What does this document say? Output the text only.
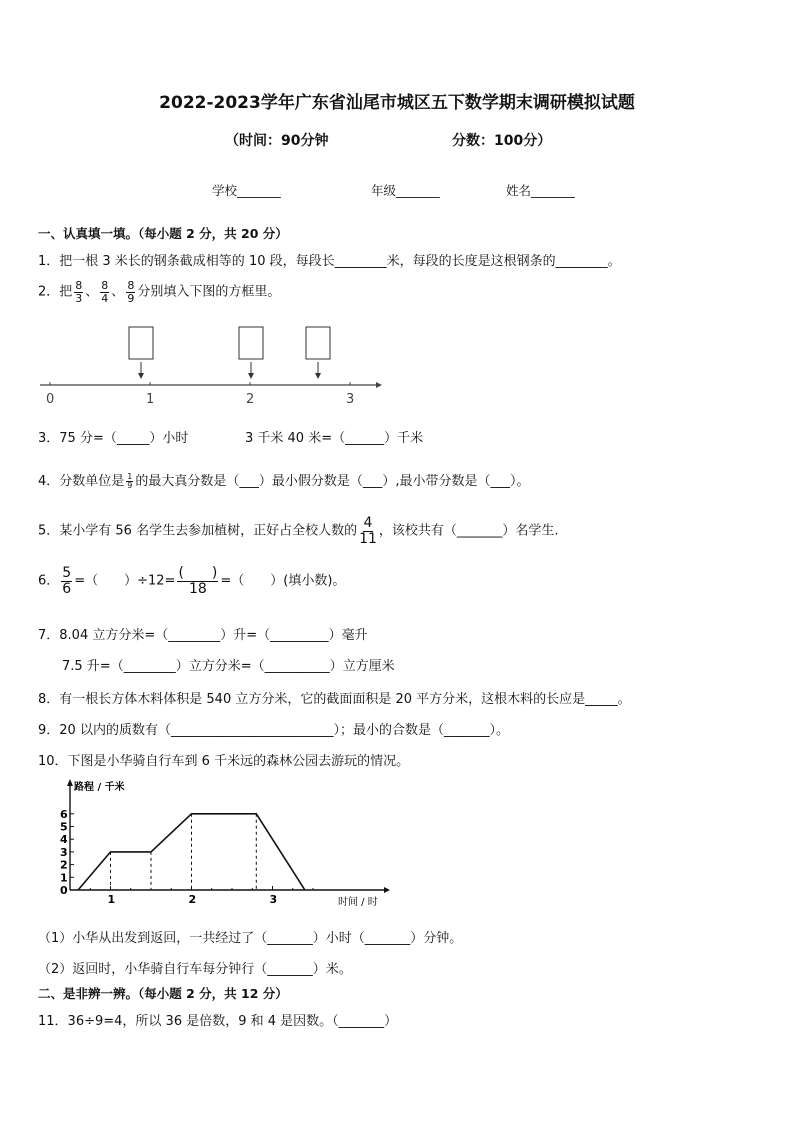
2022-2023学年广东省汕尾市城区五下数学期末调研模拟试题
（时间：90分钟	分数：100分）
学校_______	年级_______	姓名_______
一、认真填一填。（每小题 2 分，共 20 分）
1．把一根 3 米长的钢条截成相等的 10 段，每段长________米，每段的长度是这根钢条的________。
2．把 $\frac{8}{3}$ 、 $\frac{8}{4}$ 、 $\frac{8}{9}$ 分别填入下图的方框里。
0	1	2	3
3．75 分=（_____）小时	3 千米 40 米=（______）千米
4．分数单位是 $\frac{1}{9}$ 的最大真分数是（___）最小假分数是（___）,最小带分数是（___）。
5．某小学有 56 名学生去参加植树，正好占全校人数的 $\frac{4}{11}$ ，该校共有（_______）名学生.
6． $\frac{5}{6}$ =（　　）$\div 12= \frac{( )}{18}$ =（　　）(填小数)。
7．8.04 立方分米=（________）升=（_________）毫升
7.5 升=（________）立方分米=（__________）立方厘米
8．有一根长方体木料体积是 540 立方分米，它的截面面积是 20 平方分米，这根木料的长应是_____。
9．20 以内的质数有（_________________________）；最小的合数是（_______）。
10．下图是小华骑自行车到 6 千米远的森林公园去游玩的情况。
路程 / 千米
时间 / 时
0
1
2
3
4
5
6
1	2	3
（1）小华从出发到返回，一共经过了（_______）小时（_______）分钟。
（2）返回时，小华骑自行车每分钟行（_______）米。
二、是非辨一辨。（每小题 2 分，共 12 分）
11．36÷9=4，所以 36 是倍数，9 和 4 是因数。（_______）
